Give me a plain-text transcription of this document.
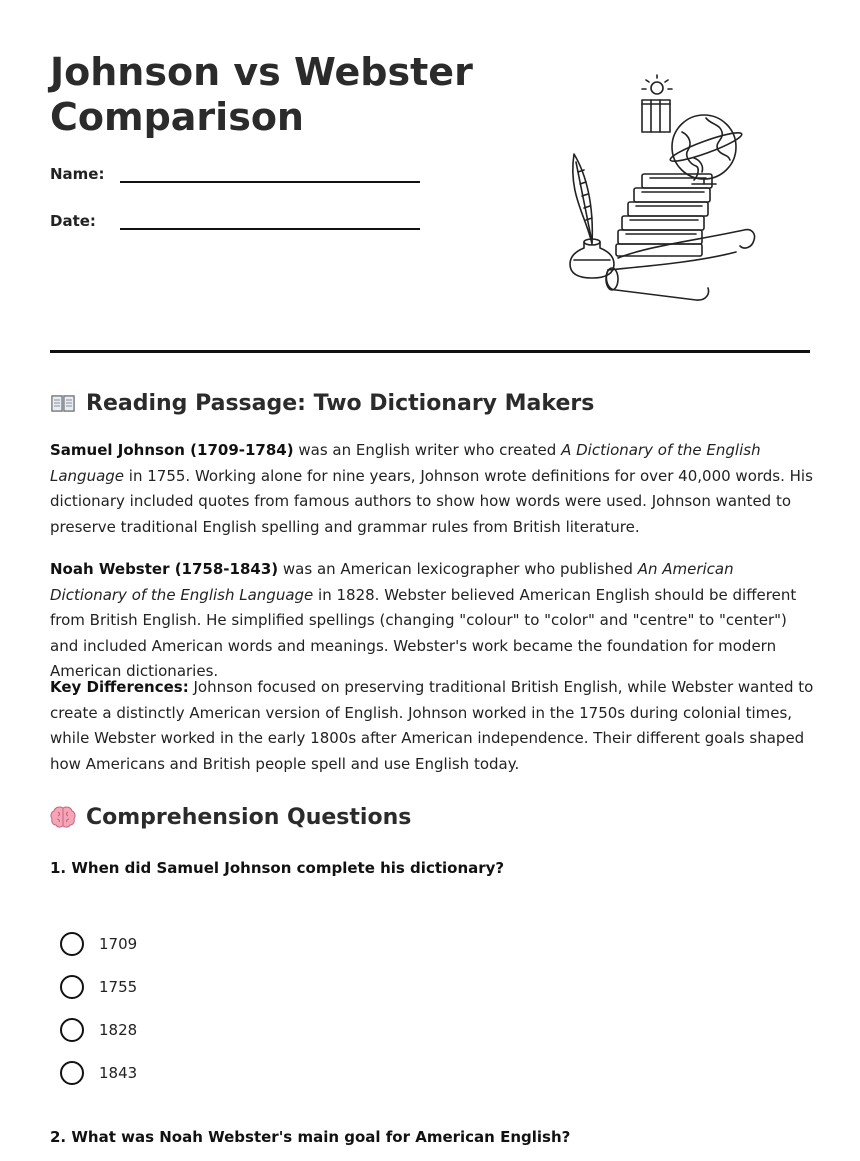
Johnson vs Webster
Comparison
Name:
Date:
Reading Passage: Two Dictionary Makers

Samuel Johnson (1709-1784) was an English writer who created A Dictionary of the English Language in 1755. Working alone for nine years, Johnson wrote definitions for over 40,000 words. His dictionary included quotes from famous authors to show how words were used. Johnson wanted to preserve traditional English spelling and grammar rules from British literature.

Noah Webster (1758-1843) was an American lexicographer who published An American Dictionary of the English Language in 1828. Webster believed American English should be different from British English. He simplified spellings (changing "colour" to "color" and "centre" to "center") and included American words and meanings. Webster's work became the foundation for modern American dictionaries.

Key Differences: Johnson focused on preserving traditional British English, while Webster wanted to create a distinctly American version of English. Johnson worked in the 1750s during colonial times, while Webster worked in the early 1800s after American independence. Their different goals shaped how Americans and British people spell and use English today.

Comprehension Questions

1. When did Samuel Johnson complete his dictionary?

1709
1755
1828
1843

2. What was Noah Webster's main goal for American English?
